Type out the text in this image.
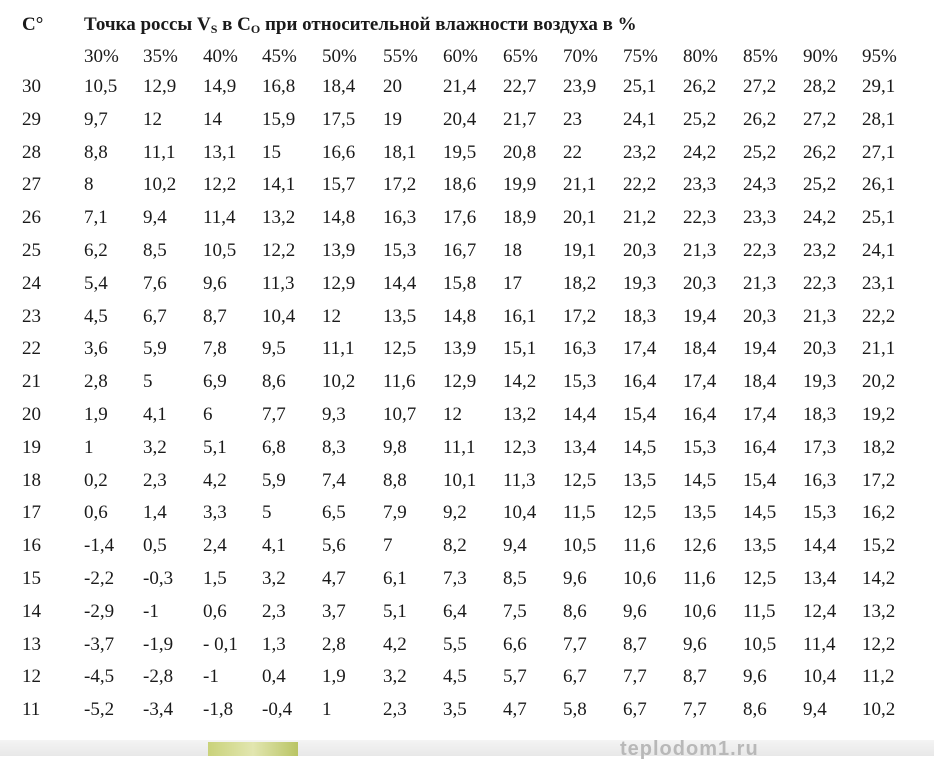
C° Точка россы $V_S$ в $C_O$ при относительной влажности воздуха в %
30% 35% 40% 45% 50% 55% 60% 65% 70% 75% 80% 85% 90% 95%
30 10,5 12,9 14,9 16,8 18,4 20 21,4 22,7 23,9 25,1 26,2 27,2 28,2 29,1
29 9,7 12 14 15,9 17,5 19 20,4 21,7 23 24,1 25,2 26,2 27,2 28,1
28 8,8 11,1 13,1 15 16,6 18,1 19,5 20,8 22 23,2 24,2 25,2 26,2 27,1
27 8	10,2 12,2 14,1 15,7 17,2 18,6 19,9 21,1 22,2 23,3 24,3 25,2 26,1
26 7,1 9,4 11,4 13,2 14,8 16,3 17,6 18,9 20,1 21,2 22,3 23,3 24,2 25,1
25 6,2 8,5 10,5 12,2 13,9 15,3 16,7 18 19,1 20,3 21,3 22,3 23,2 24,1
24 5,4 7,6 9,6 11,3 12,9 14,4 15,8 17 18,2 19,3 20,3 21,3 22,3 23,1
23 4,5 6,7 8,7 10,4 12 13,5 14,8 16,1 17,2 18,3 19,4 20,3 21,3 22,2
22 3,6 5,9 7,8 9,5 11,1 12,5 13,9 15,1 16,3 17,4 18,4 19,4 20,3 21,1
21 2,8 5	6,9 8,6 10,2 11,6 12,9 14,2 15,3 16,4 17,4 18,4 19,3 20,2
20 1,9 4,1 6	7,7 9,3 10,7 12 13,2 14,4 15,4 16,4 17,4 18,3 19,2
19 1	3,2 5,1 6,8 8,3 9,8 11,1 12,3 13,4 14,5 15,3 16,4 17,3 18,2
18 0,2 2,3 4,2 5,9 7,4 8,8 10,1 11,3 12,5 13,5 14,5 15,4 16,3 17,2
17 0,6 1,4 3,3 5	6,5 7,9 9,2 10,4 11,5 12,5 13,5 14,5 15,3 16,2
16 -1,4 0,5 2,4 4,1 5,6 7	8,2 9,4 10,5 11,6 12,6 13,5 14,4 15,2
15 -2,2 -0,3 1,5 3,2 4,7 6,1 7,3 8,5 9,6 10,6 11,6 12,5 13,4 14,2
14 -2,9 -1 0,6 2,3 3,7 5,1 6,4 7,5 8,6 9,6 10,6 11,5 12,4 13,2
13 -3,7 -1,9 - 0,1 1,3 2,8 4,2 5,5 6,6 7,7 8,7 9,6 10,5 11,4 12,2
12 -4,5 -2,8 -1 0,4 1,9 3,2 4,5 5,7 6,7 7,7 8,7 9,6 10,4 11,2
11 -5,2 -3,4 -1,8 -0,4 1	2,3 3,5 4,7 5,8 6,7 7,7 8,6 9,4 10,2
teplodom1.ru
